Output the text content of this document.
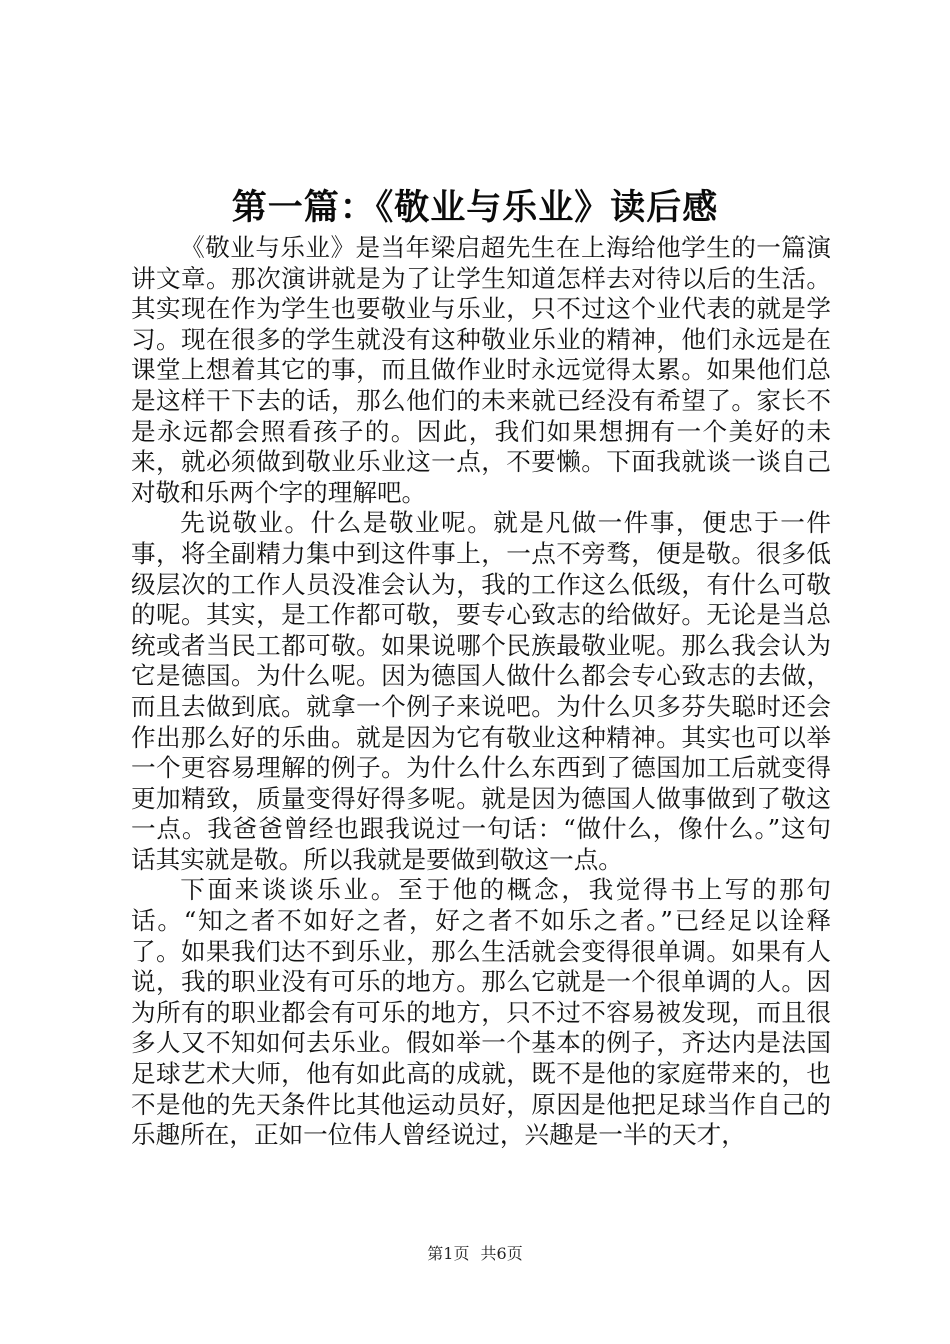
第一篇：《敬业与乐业》读后感

《敬业与乐业》是当年梁启超先生在上海给他学生的一篇演讲文章。那次演讲就是为了让学生知道怎样去对待以后的生活。其实现在作为学生也要敬业与乐业，只不过这个业代表的就是学习。现在很多的学生就没有这种敬业乐业的精神，他们永远是在课堂上想着其它的事，而且做作业时永远觉得太累。如果他们总是这样干下去的话，那么他们的未来就已经没有希望了。家长不是永远都会照看孩子的。因此，我们如果想拥有一个美好的未来，就必须做到敬业乐业这一点，不要懒。下面我就谈一谈自己对敬和乐两个字的理解吧。

先说敬业。什么是敬业呢。就是凡做一件事，便忠于一件事，将全副精力集中到这件事上，一点不旁骛，便是敬。很多低级层次的工作人员没准会认为，我的工作这么低级，有什么可敬的呢。其实，是工作都可敬，要专心致志的给做好。无论是当总统或者当民工都可敬。如果说哪个民族最敬业呢。那么我会认为它是德国。为什么呢。因为德国人做什么都会专心致志的去做，而且去做到底。就拿一个例子来说吧。为什么贝多芬失聪时还会作出那么好的乐曲。就是因为它有敬业这种精神。其实也可以举一个更容易理解的例子。为什么什么东西到了德国加工后就变得更加精致，质量变得好得多呢。就是因为德国人做事做到了敬这一点。我爸爸曾经也跟我说过一句话：“做什么，像什么。”这句话其实就是敬。所以我就是要做到敬这一点。

下面来谈谈乐业。至于他的概念，我觉得书上写的那句话。“知之者不如好之者，好之者不如乐之者。”已经足以诠释了。如果我们达不到乐业，那么生活就会变得很单调。如果有人说，我的职业没有可乐的地方。那么它就是一个很单调的人。因为所有的职业都会有可乐的地方，只不过不容易被发现，而且很多人又不知如何去乐业。假如举一个基本的例子，齐达内是法国足球艺术大师，他有如此高的成就，既不是他的家庭带来的，也不是他的先天条件比其他运动员好，原因是他把足球当作自己的乐趣所在，正如一位伟人曾经说过，兴趣是一半的天才，

第1页 共6页
